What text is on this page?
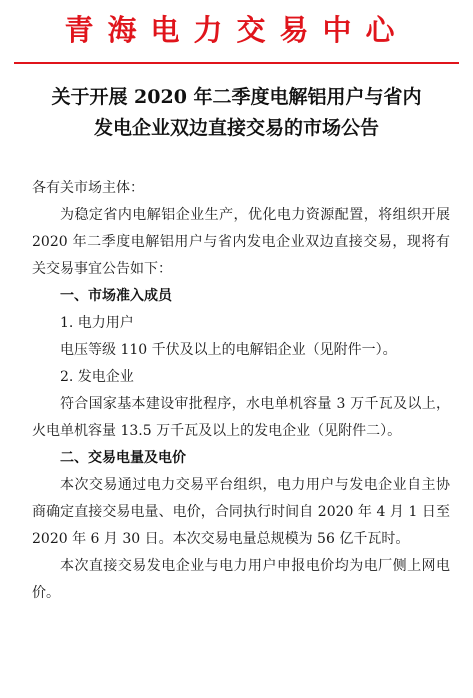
青海电力交易中心
关于开展 2020 年二季度电解铝用户与省内
发电企业双边直接交易的市场公告

各有关市场主体：

为稳定省内电解铝企业生产，优化电力资源配置，将组织开展 2020 年二季度电解铝用户与省内发电企业双边直接交易，现将有关交易事宜公告如下：

一、市场准入成员

1. 电力用户

电压等级 110 千伏及以上的电解铝企业（见附件一）。

2. 发电企业

符合国家基本建设审批程序，水电单机容量 3 万千瓦及以上，火电单机容量 13.5 万千瓦及以上的发电企业（见附件二）。

二、交易电量及电价

本次交易通过电力交易平台组织，电力用户与发电企业自主协商确定直接交易电量、电价，合同执行时间自 2020 年 4 月 1 日至 2020 年 6 月 30 日。本次交易电量总规模为 56 亿千瓦时。

本次直接交易发电企业与电力用户申报电价均为电厂侧上网电价。
